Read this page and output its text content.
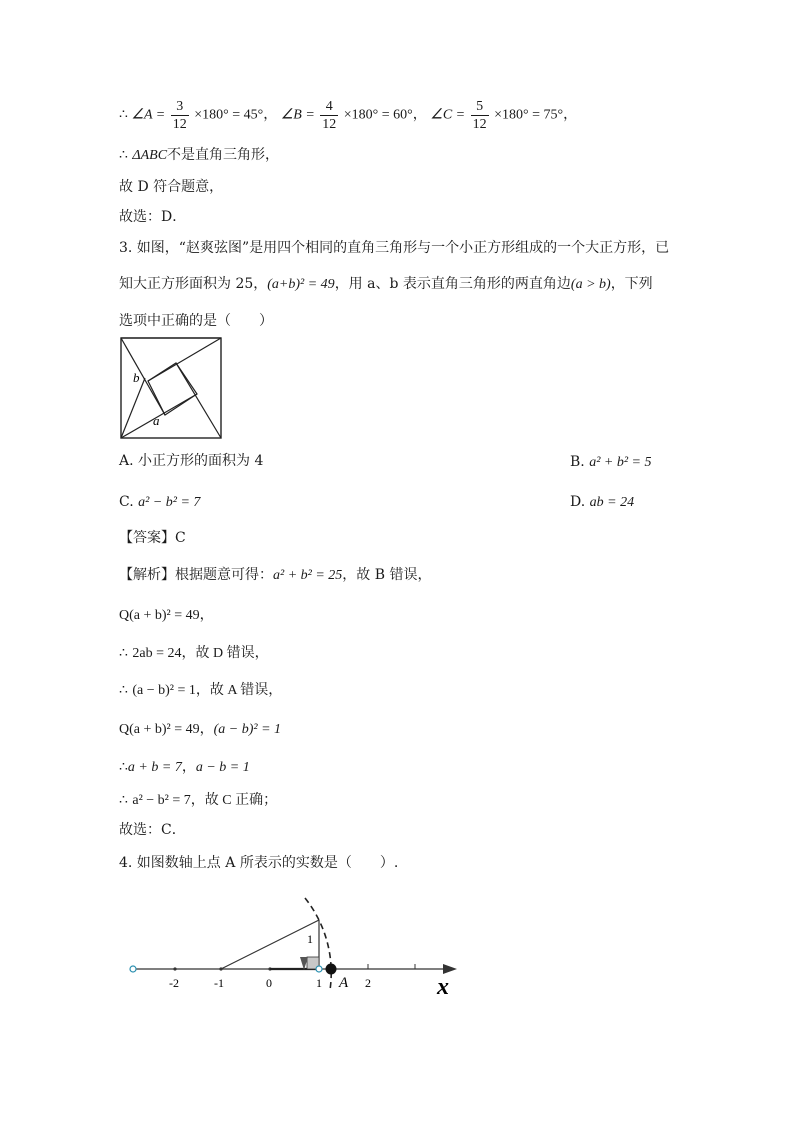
∴ ∠A = $\frac{3}{12} \times 180^\circ = 45^\circ$， ∠B = $\frac{4}{12} \times 180^\circ = 60^\circ$， ∠C = $\frac{5}{12} \times 180^\circ = 75^\circ$，
∴ ΔABC不是直角三角形，
故 D 符合题意，
故选：D．
3. 如图，“赵爽弦图”是用四个相同的直角三角形与一个小正方形组成的一个大正方形，已
知大正方形面积为 25，(a+b)² = 49，用 a、b 表示直角三角形的两直角边(a > b)，下列
选项中正确的是（　　）
b
a
A. 小正方形的面积为 4	B. a² + b² = 5
C. a² − b² = 7	D. ab = 24
【答案】C
【解析】根据题意可得：a² + b² = 25，故 B 错误，
Q(a + b)² = 49，
∴ 2ab = 24，故 D 错误，
∴ (a − b)² = 1，故 A 错误，
Q(a + b)² = 49，(a − b)² = 1
∴a + b = 7，a − b = 1
∴ a² − b² = 7，故 C 正确；
故选：C．
4. 如图数轴上点 A 所表示的实数是（　　）.
-2	-1	0	1	2
A
1
x
